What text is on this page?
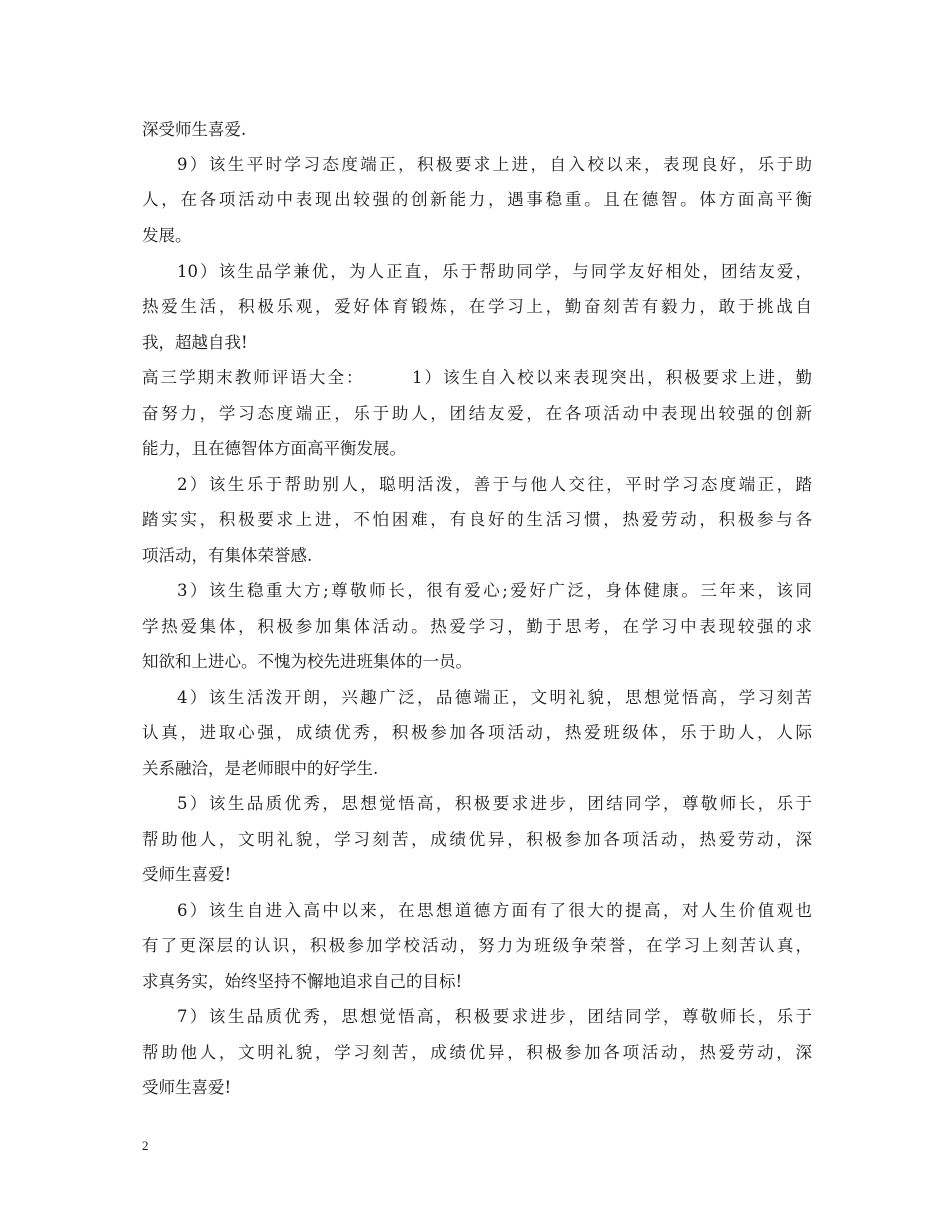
深受师生喜爱.
9）该生平时学习态度端正，积极要求上进，自入校以来，表现良好，乐于助
人，在各项活动中表现出较强的创新能力，遇事稳重。且在德智。体方面高平衡
发展。
10）该生品学兼优，为人正直，乐于帮助同学，与同学友好相处，团结友爱，
热爱生活，积极乐观，爱好体育锻炼，在学习上，勤奋刻苦有毅力，敢于挑战自
我，超越自我!
高三学期末教师评语大全：　　　1）该生自入校以来表现突出，积极要求上进，勤
奋努力，学习态度端正，乐于助人，团结友爱，在各项活动中表现出较强的创新
能力，且在德智体方面高平衡发展。
2）该生乐于帮助别人，聪明活泼，善于与他人交往，平时学习态度端正，踏
踏实实，积极要求上进，不怕困难，有良好的生活习惯，热爱劳动，积极参与各
项活动，有集体荣誉感.
3）该生稳重大方;尊敬师长，很有爱心;爱好广泛，身体健康。三年来，该同
学热爱集体，积极参加集体活动。热爱学习，勤于思考，在学习中表现较强的求
知欲和上进心。不愧为校先进班集体的一员。
4）该生活泼开朗，兴趣广泛，品德端正，文明礼貌，思想觉悟高，学习刻苦
认真，进取心强，成绩优秀，积极参加各项活动，热爱班级体，乐于助人，人际
关系融洽，是老师眼中的好学生.
5）该生品质优秀，思想觉悟高，积极要求进步，团结同学，尊敬师长，乐于
帮助他人，文明礼貌，学习刻苦，成绩优异，积极参加各项活动，热爱劳动，深
受师生喜爱!
6）该生自进入高中以来，在思想道德方面有了很大的提高，对人生价值观也
有了更深层的认识，积极参加学校活动，努力为班级争荣誉，在学习上刻苦认真，
求真务实，始终坚持不懈地追求自己的目标!
7）该生品质优秀，思想觉悟高，积极要求进步，团结同学，尊敬师长，乐于
帮助他人，文明礼貌，学习刻苦，成绩优异，积极参加各项活动，热爱劳动，深
受师生喜爱!
2
